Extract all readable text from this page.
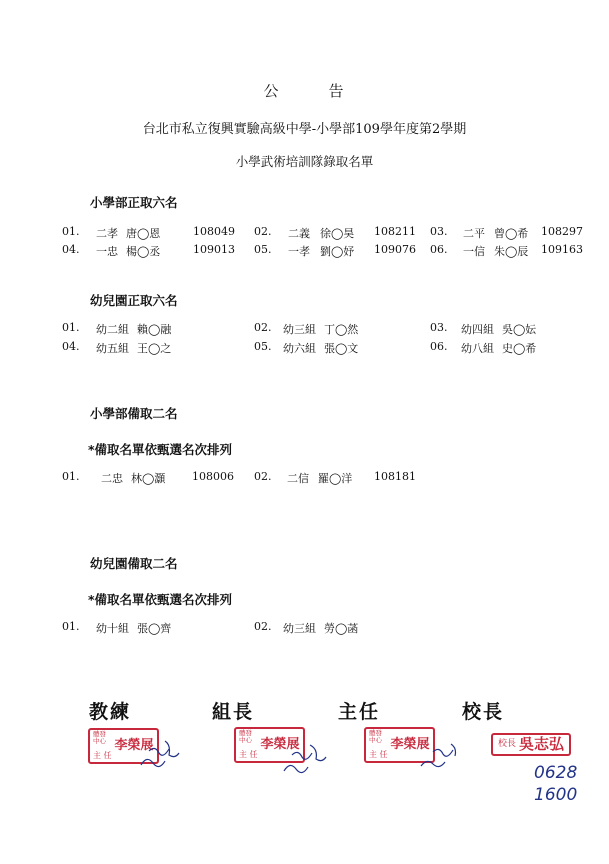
公	告
台北市私立復興實驗高級中學-小學部109學年度第2學期
小學武術培訓隊錄取名單
小學部正取六名
01. 二孝 唐◯恩	108049 02. 二義 徐◯昊 108211 03. 二平 曾◯希 108297
04. 一忠 楊◯丞	109013 05. 一孝 劉◯妤 109076 06. 一信 朱◯辰 109163
幼兒園正取六名
01. 幼二組 賴◯融	02. 幼三組 丁◯然	03. 幼四組 吳◯妘
04. 幼五組 王◯之	05. 幼六組 張◯文	06. 幼八組 史◯希
小學部備取二名
*備取名單依甄選名次排列
01. 二忠 林◯灝 108006 02. 二信 羅◯洋 108181
幼兒園備取二名
*備取名單依甄選名次排列
01. 幼十組 張◯齊	02. 幼三組 勞◯菡
教練	組長	主任	校長
體發中心
主 任
李榮展
體發中心
主 任
李榮展
體發中心
主 任
李榮展	校長 吳志弘
0628
1600
